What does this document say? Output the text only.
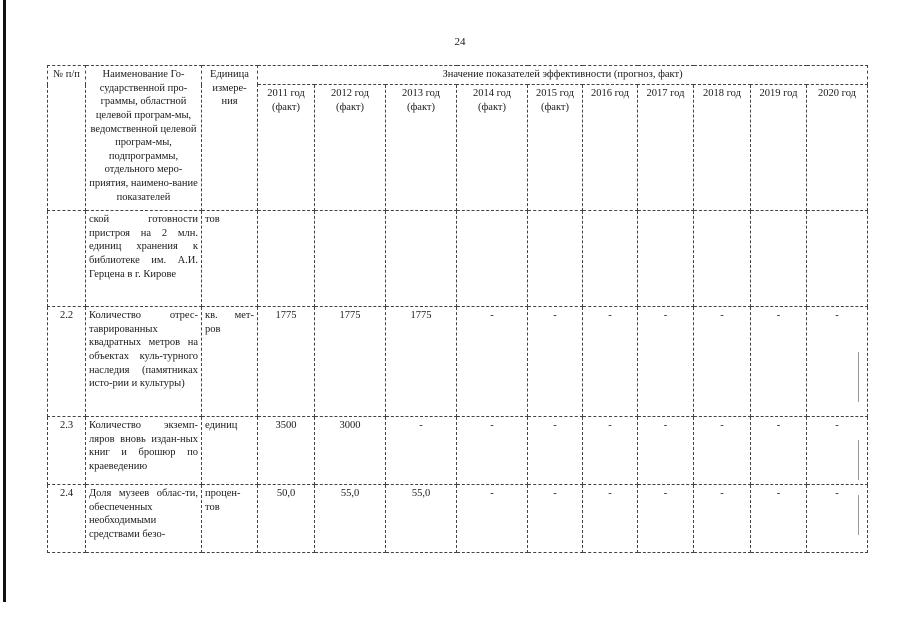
24
№ п/п	Наименование Го-сударственной про-граммы, областной целевой програм-мы, ведомственной целевой програм-мы, подпрограммы, отдельного меро-приятия, наимено-вание показателей	Единица измере-ния	Значение показателей эффективности (прогноз, факт)									
			2011 год (факт)	2012 год (факт)	2013 год (факт)	2014 год (факт)	2015 год (факт)	2016 год	2017 год	2018 год	2019 год	2020 год
	ской готовности пристроя на 2 млн. единиц хранения к библиотеке им. А.И. Герцена в г. Кирове	тов										
2.2	Количество отрес-таврированных квадратных метров на объектах куль-турного наследия (памятниках исто-рии и культуры)	кв. мет-ров	1775	1775	1775	-	-	-	-	-	-	-
2.3	Количество экземп-ляров вновь издан-ных книг и брошюр по краеведению	единиц	3500	3000	-	-	-	-	-	-	-	-
2.4	Доля музеев облас-ти, обеспеченных необходимыми средствами безо-	процен-тов	50,0	55,0	55,0	-	-	-	-	-	-	-
